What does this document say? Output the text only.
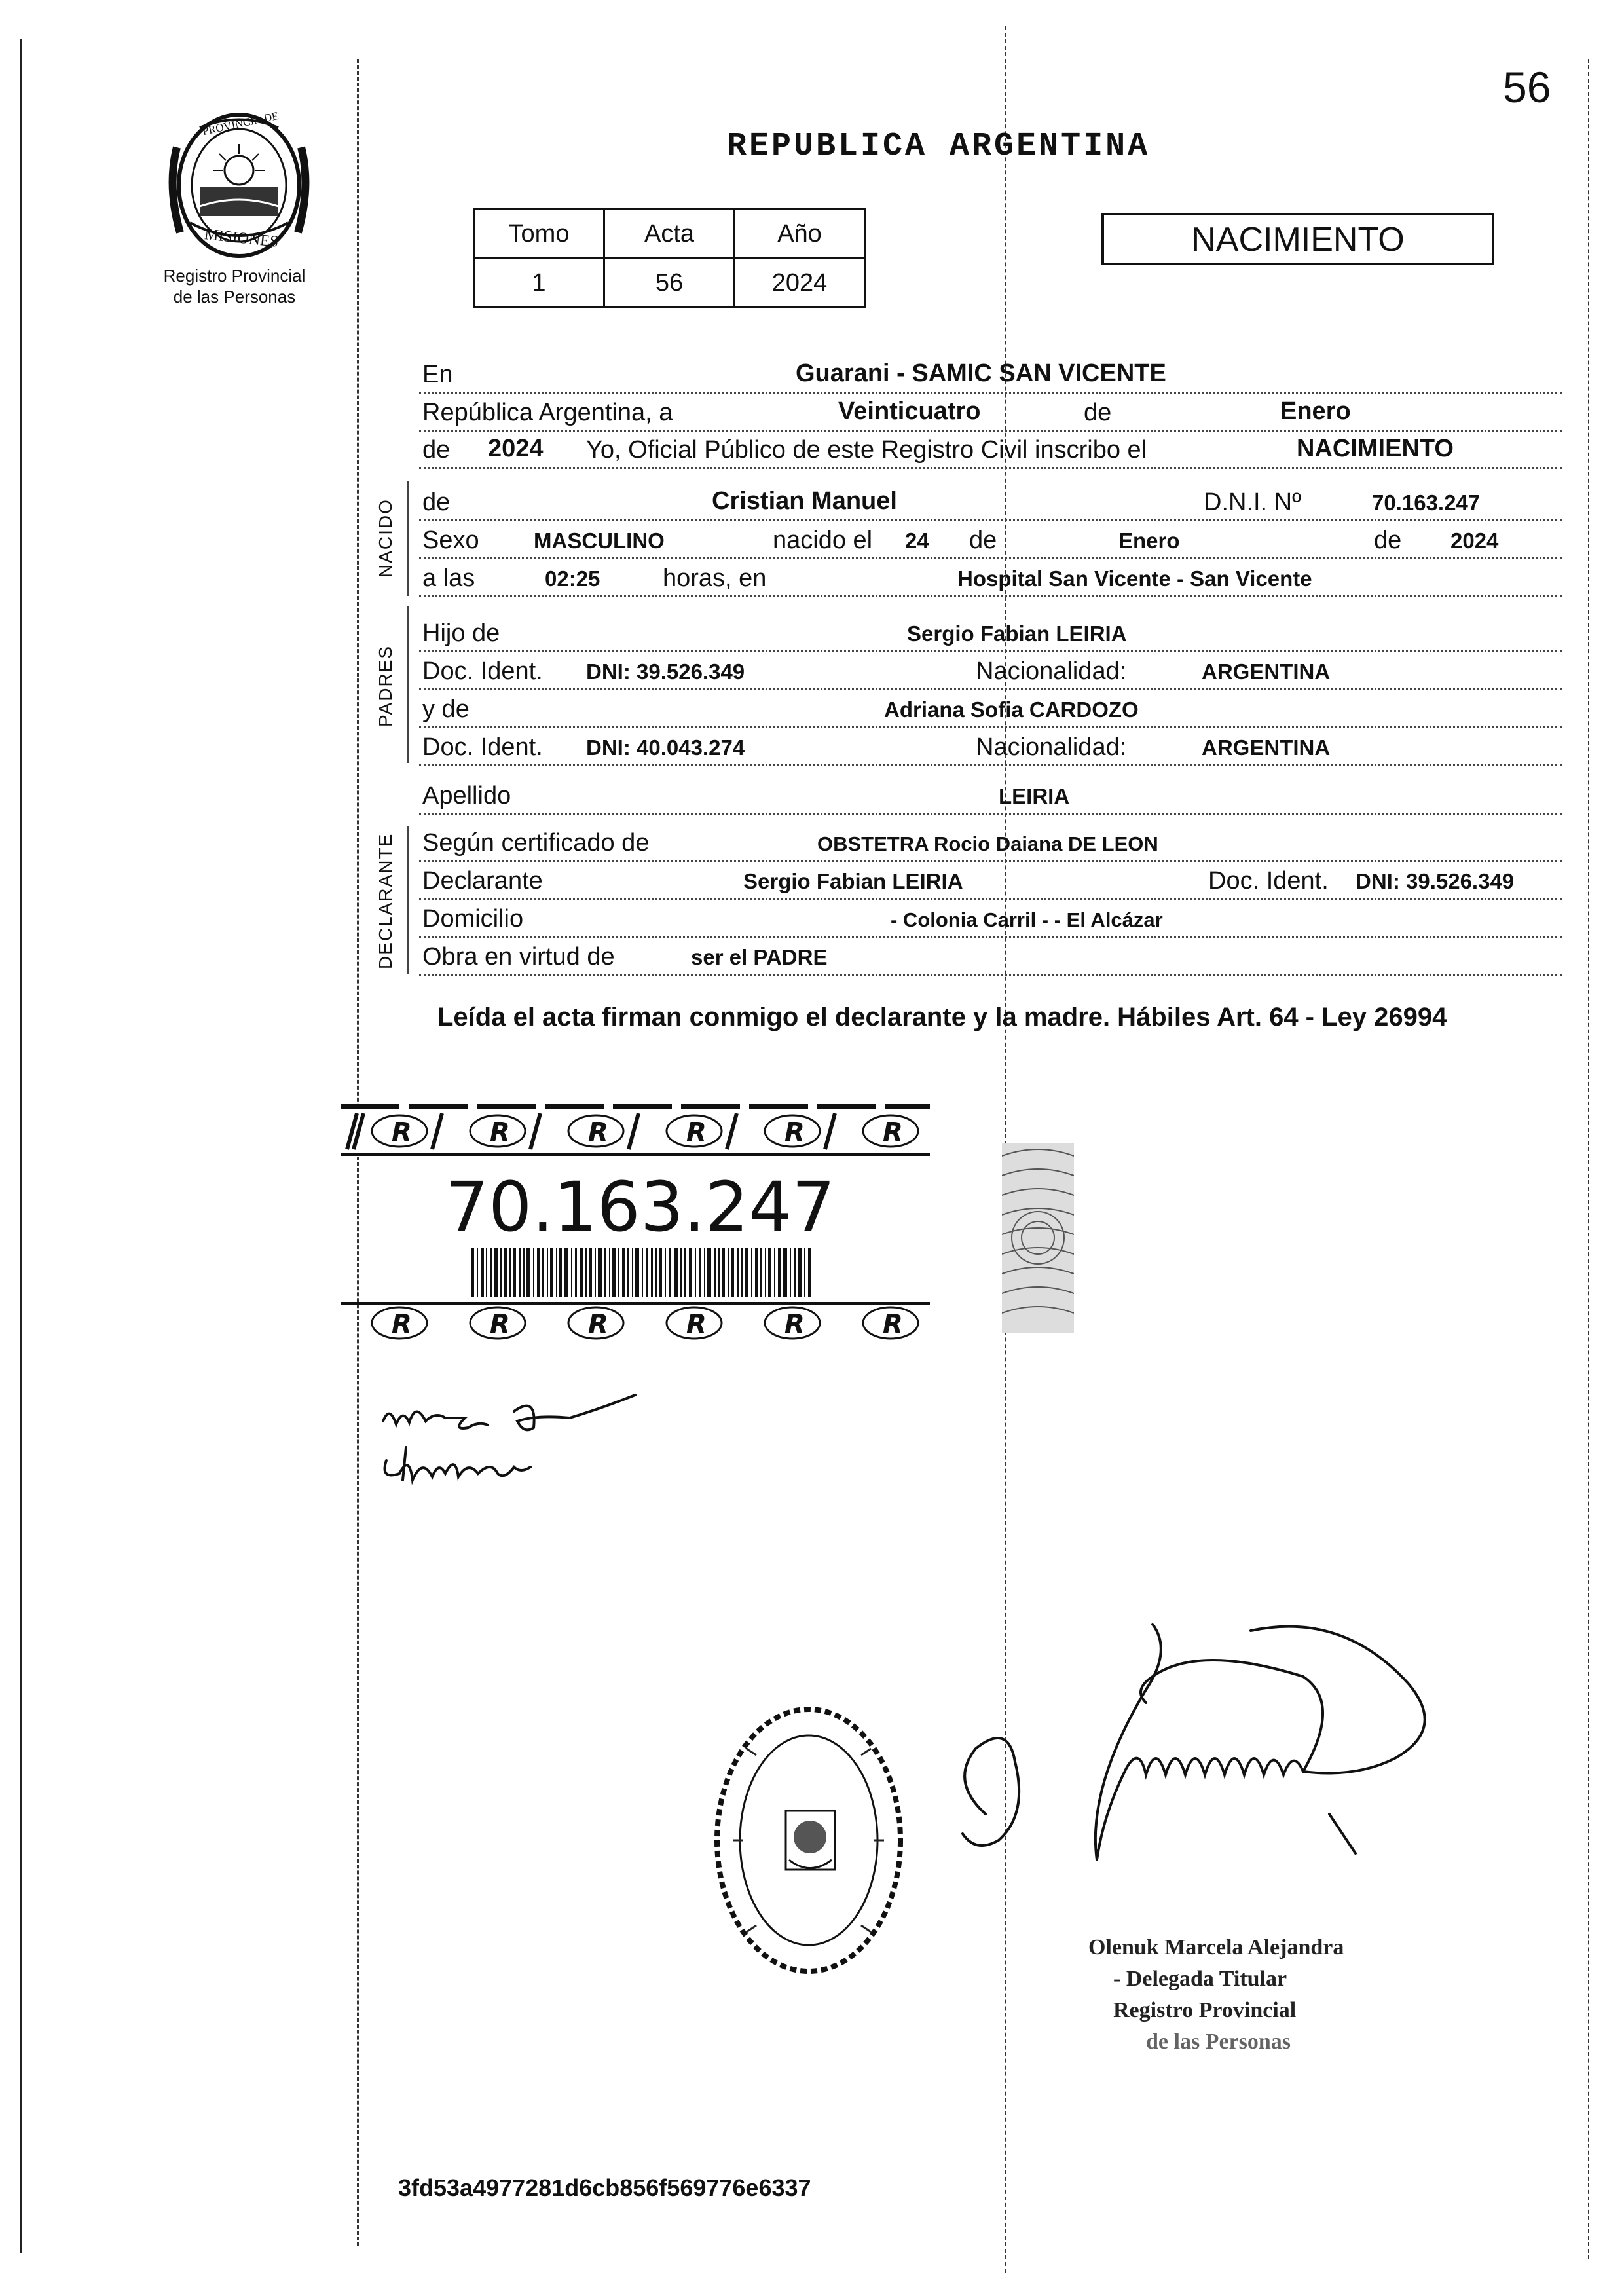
56
PROVINCIA DE
MISIONES
Registro Provincial
de las Personas
REPUBLICA ARGENTINA
Tomo	Acta	Año
1	56	2024
NACIMIENTO
En	Guarani - SAMIC SAN VICENTE
República Argentina, a	Veinticuatro	de	Enero
de 2024 Yo, Oficial Público de este Registro Civil inscribo el	NACIMIENTO
NACIDO de	Cristian Manuel	D.N.I. Nº	70.163.247
Sexo	MASCULINO	nacido el 24 de	Enero	de 2024
a las	02:25	horas, en	Hospital San Vicente - San Vicente
PADRES
Hijo de	Sergio Fabian LEIRIA
Doc. Ident. DNI: 39.526.349	Nacionalidad:	ARGENTINA
y de	Adriana Sofia CARDOZO
Doc. Ident. DNI: 40.043.274	Nacionalidad:	ARGENTINA
Apellido	LEIRIA
DECLARANTE Según certificado de	OBSTETRA Rocio Daiana DE LEON
Declarante	Sergio Fabian LEIRIA	Doc. Ident. DNI: 39.526.349
Domicilio	- Colonia Carril - - El Alcázar
Obra en virtud de	ser el PADRE
Leída el acta firman conmigo el declarante y la madre. Hábiles Art. 64 - Ley 26994
R	R	R	R	R	R
R	R	R	R	R	R
70.163.247
Olenuk Marcela Alejandra
- Delegada Titular
Registro Provincial
de las Personas
3fd53a4977281d6cb856f569776e6337
